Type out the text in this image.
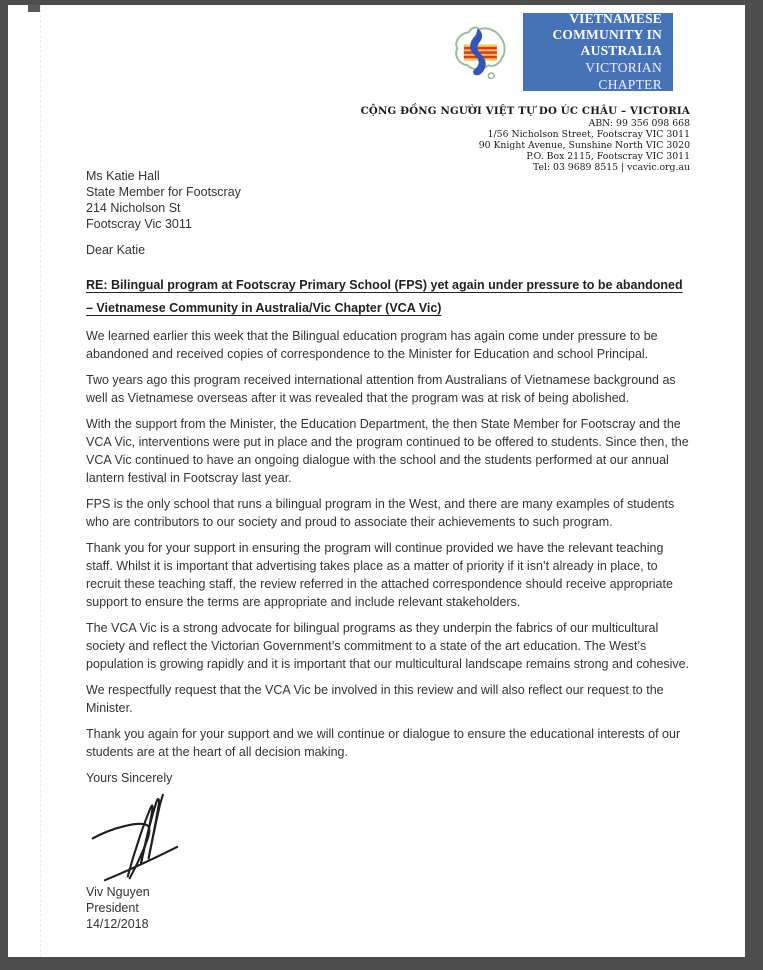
VIETNAMESE
COMMUNITY IN
AUSTRALIA
VICTORIAN CHAPTER
CỘNG ĐỒNG NGƯỜI VIỆT TỰ DO ÚC CHÂU – VICTORIA
ABN: 99 356 098 668
1/56 Nicholson Street, Footscray VIC 3011
90 Knight Avenue, Sunshine North VIC 3020
P.O. Box 2115, Footscray VIC 3011
Tel: 03 9689 8515 | vcavic.org.au
Ms Katie Hall
State Member for Footscray
214 Nicholson St
Footscray Vic 3011
Dear Katie
RE: Bilingual program at Footscray Primary School (FPS) yet again under pressure to be abandoned – Vietnamese Community in Australia/Vic Chapter (VCA Vic)

We learned earlier this week that the Bilingual education program has again come under pressure to be abandoned and received copies of correspondence to the Minister for Education and school Principal.

Two years ago this program received international attention from Australians of Vietnamese background as well as Vietnamese overseas after it was revealed that the program was at risk of being abolished.

With the support from the Minister, the Education Department, the then State Member for Footscray and the VCA Vic, interventions were put in place and the program continued to be offered to students. Since then, the VCA Vic continued to have an ongoing dialogue with the school and the students performed at our annual lantern festival in Footscray last year.

FPS is the only school that runs a bilingual program in the West, and there are many examples of students who are contributors to our society and proud to associate their achievements to such program.

Thank you for your support in ensuring the program will continue provided we have the relevant teaching staff. Whilst it is important that advertising takes place as a matter of priority if it isn’t already in place, to recruit these teaching staff, the review referred in the attached correspondence should receive appropriate support to ensure the terms are appropriate and include relevant stakeholders.

The VCA Vic is a strong advocate for bilingual programs as they underpin the fabrics of our multicultural society and reflect the Victorian Government’s commitment to a state of the art education. The West’s population is growing rapidly and it is important that our multicultural landscape remains strong and cohesive.

We respectfully request that the VCA Vic be involved in this review and will also reflect our request to the Minister.

Thank you again for your support and we will continue or dialogue to ensure the educational interests of our students are at the heart of all decision making.

Yours Sincerely
Viv Nguyen
President
14/12/2018
